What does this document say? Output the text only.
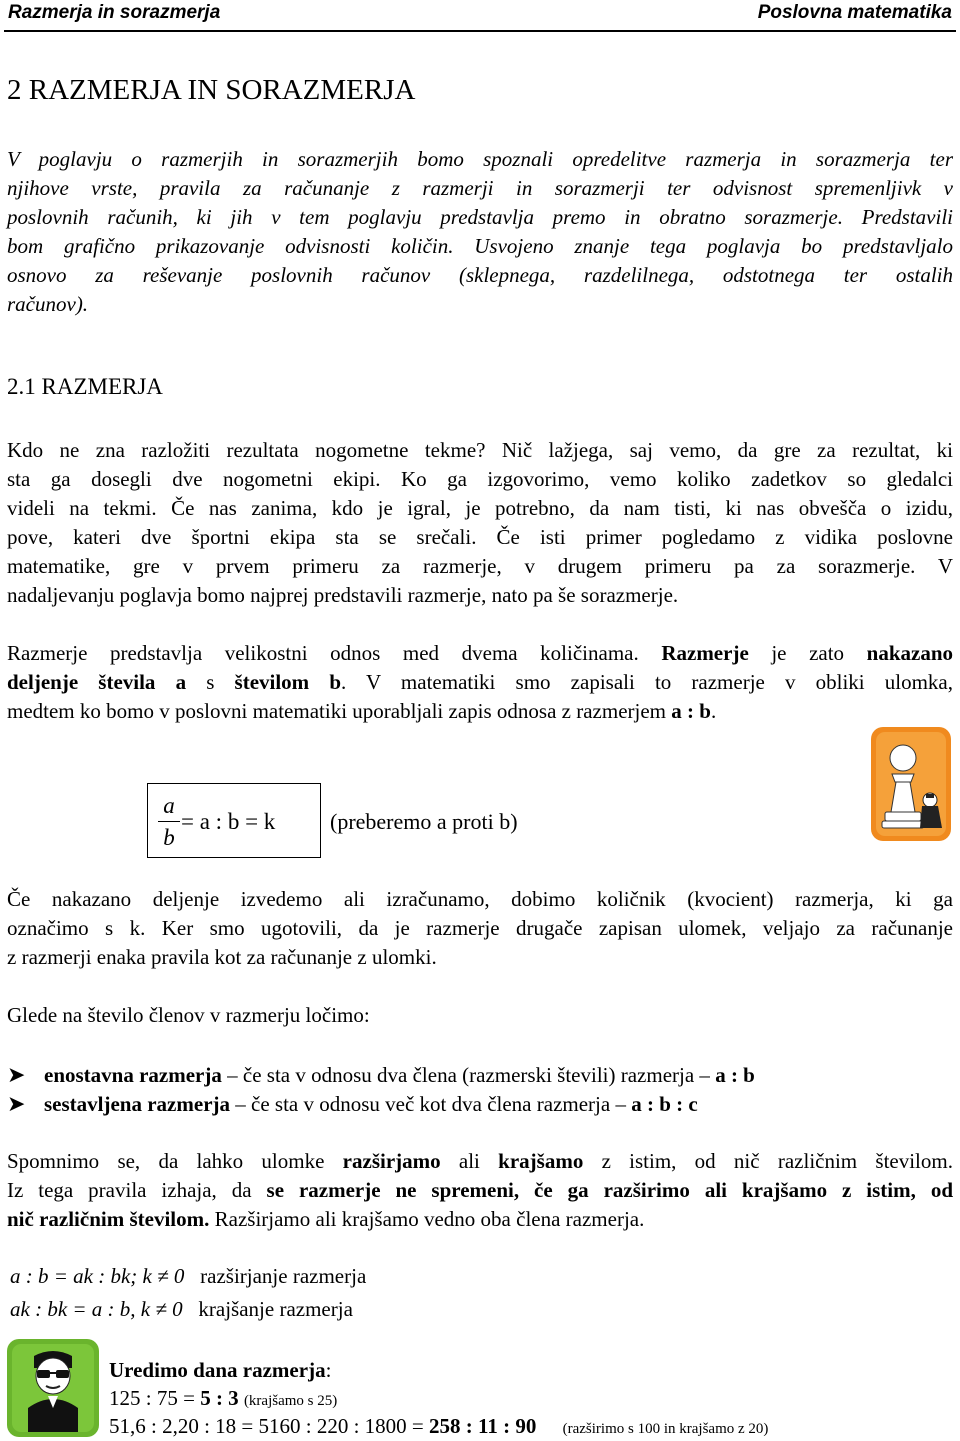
Razmerja in sorazmerja	Poslovna matematika
2 RAZMERJA IN SORAZMERJA
V poglavju o razmerjih in sorazmerjih bomo spoznali opredelitve razmerja in sorazmerja ter
njihove vrste, pravila za računanje z razmerji in sorazmerji ter odvisnost spremenljivk v
poslovnih računih, ki jih v tem poglavju predstavlja premo in obratno sorazmerje. Predstavili
bom grafično prikazovanje odvisnosti količin. Usvojeno znanje tega poglavja bo predstavljalo
osnovo za reševanje poslovnih računov (sklepnega, razdelilnega, odstotnega ter ostalih
računov).
2.1 RAZMERJA
Kdo ne zna razložiti rezultata nogometne tekme? Nič lažjega, saj vemo, da gre za rezultat, ki
sta ga dosegli dve nogometni ekipi. Ko ga izgovorimo, vemo koliko zadetkov so gledalci
videli na tekmi. Če nas zanima, kdo je igral, je potrebno, da nam tisti, ki nas obvešča o izidu,
pove, kateri dve športni ekipa sta se srečali. Če isti primer pogledamo z vidika poslovne
matematike, gre v prvem primeru za razmerje, v drugem primeru pa za sorazmerje. V
nadaljevanju poglavja bomo najprej predstavili razmerje, nato pa še sorazmerje.
Razmerje predstavlja velikostni odnos med dvema količinama. Razmerje je zato nakazano
deljenje števila a s številom b. V matematiki smo zapisali to razmerje v obliki ulomka,
medtem ko bomo v poslovni matematiki uporabljali zapis odnosa z razmerjem a : b.
a
b
= a : b = k (preberemo a proti b)
Če nakazano deljenje izvedemo ali izračunamo, dobimo količnik (kvocient) razmerja, ki ga
označimo s k. Ker smo ugotovili, da je razmerje drugače zapisan ulomek, veljajo za računanje
z razmerji enaka pravila kot za računanje z ulomki.
Glede na število členov v razmerju ločimo:
➤ enostavna razmerja – če sta v odnosu dva člena (razmerski števili) razmerja – a : b
➤ sestavljena razmerja – če sta v odnosu več kot dva člena razmerja – a : b : c
Spomnimo se, da lahko ulomke razširjamo ali krajšamo z istim, od nič različnim številom.
Iz tega pravila izhaja, da se razmerje ne spremeni, če ga razširimo ali krajšamo z istim, od
nič različnim številom. Razširjamo ali krajšamo vedno oba člena razmerja.
a : b = ak : bk; k ≠ 0 razširjanje razmerja
ak : bk = a : b, k ≠ 0 krajšanje razmerja
Uredimo dana razmerja:
125 : 75 = 5 : 3 (krajšamo s 25)
51,6 : 2,20 : 18 = 5160 : 220 : 1800 = 258 : 11 : 90 (razširimo s 100 in krajšamo z 20)
